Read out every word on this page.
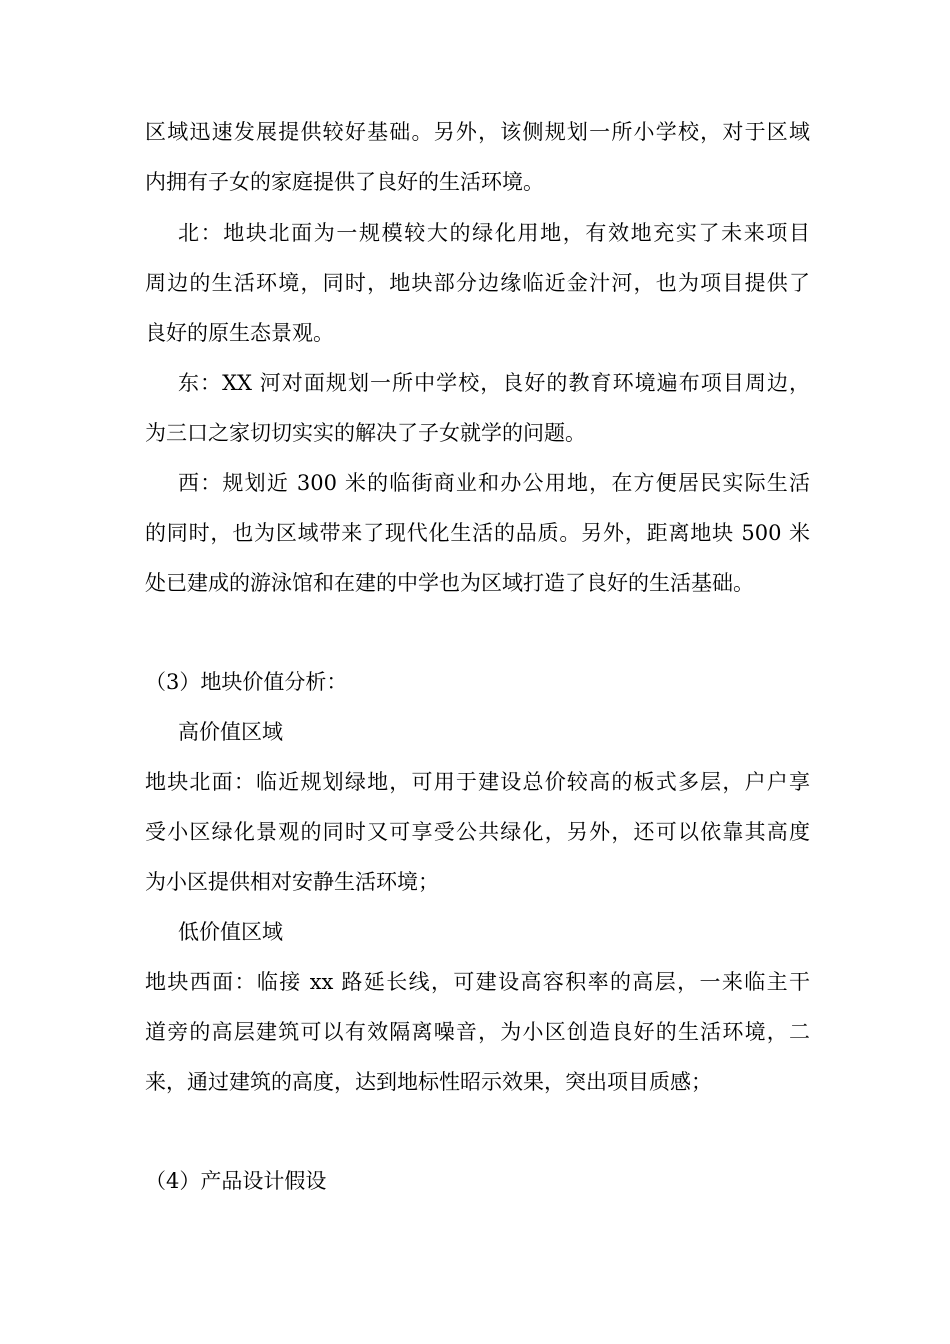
区域迅速发展提供较好基础。另外，该侧规划一所小学校，对于区域
内拥有子女的家庭提供了良好的生活环境。
北：地块北面为一规模较大的绿化用地，有效地充实了未来项目
周边的生活环境，同时，地块部分边缘临近金汁河，也为项目提供了
良好的原生态景观。
东：XX 河对面规划一所中学校，良好的教育环境遍布项目周边，
为三口之家切切实实的解决了子女就学的问题。
西：规划近 300 米的临街商业和办公用地，在方便居民实际生活
的同时，也为区域带来了现代化生活的品质。另外，距离地块 500 米
处已建成的游泳馆和在建的中学也为区域打造了良好的生活基础。
（3）地块价值分析：
高价值区域
地块北面：临近规划绿地，可用于建设总价较高的板式多层，户户享
受小区绿化景观的同时又可享受公共绿化，另外，还可以依靠其高度
为小区提供相对安静生活环境；
低价值区域
地块西面：临接 xx 路延长线，可建设高容积率的高层，一来临主干
道旁的高层建筑可以有效隔离噪音，为小区创造良好的生活环境，二
来，通过建筑的高度，达到地标性昭示效果，突出项目质感；
（4）产品设计假设
